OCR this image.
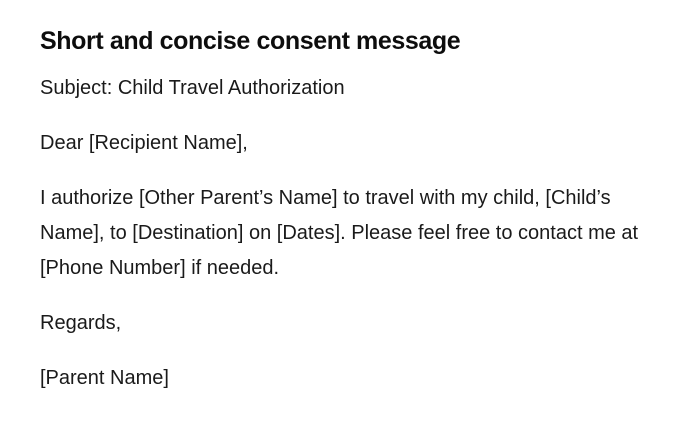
Short and concise consent message

Subject: Child Travel Authorization

Dear [Recipient Name],

I authorize [Other Parent’s Name] to travel with my child, [Child’s Name], to [Destination] on [Dates]. Please feel free to contact me at [Phone Number] if needed.

Regards,

[Parent Name]
